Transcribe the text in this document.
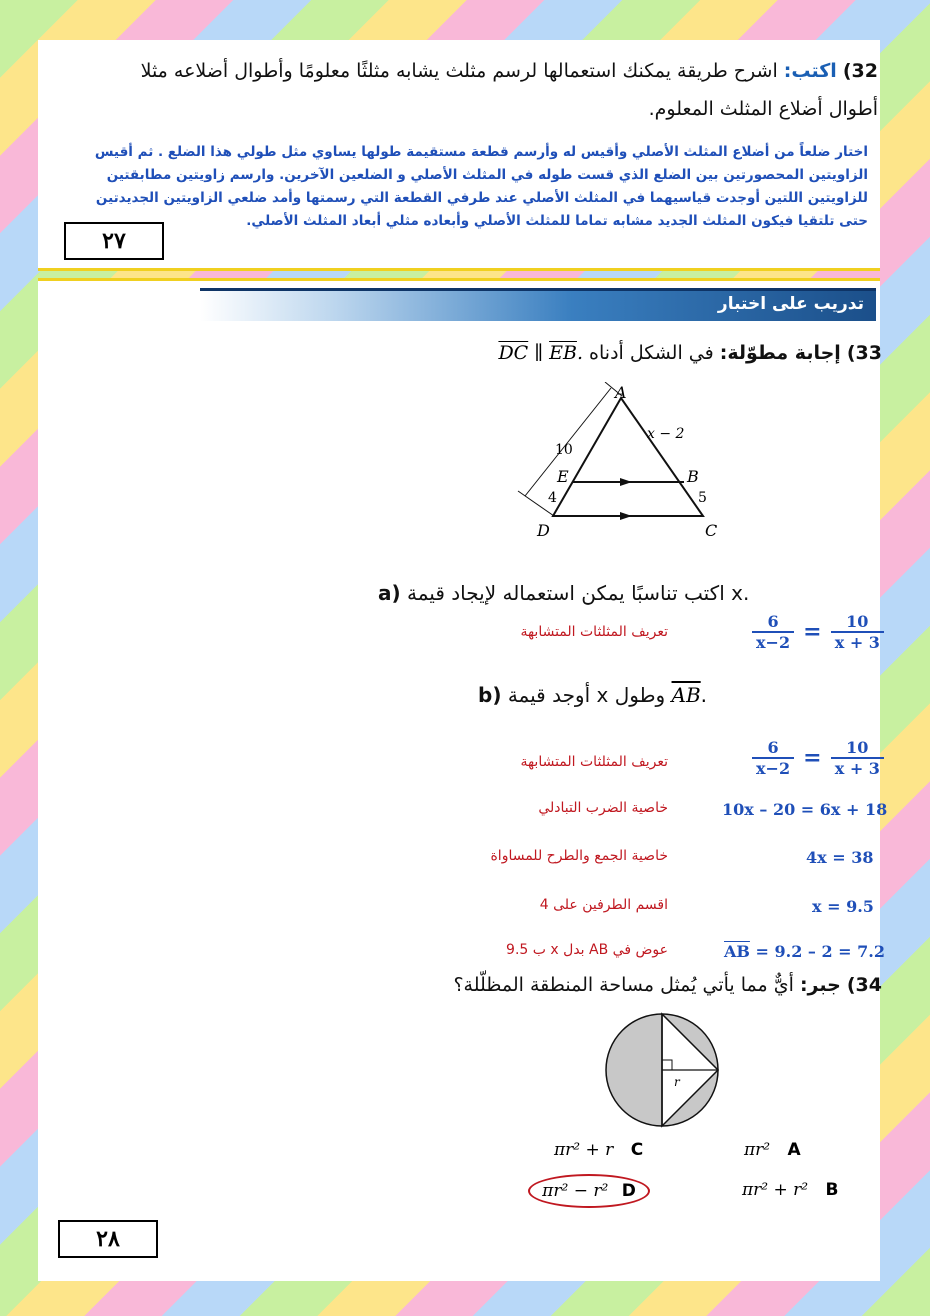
32) اكتب: اشرح طريقة يمكنك استعمالها لرسم مثلث يشابه مثلثًا معلومًا وأطوال أضلاعه مثلا
أطوال أضلاع المثلث المعلوم.
اختار ضلعاً من أضلاع المثلث الأصلي وأقيس له وأرسم قطعة مستقيمة طولها يساوي مثل طولي هذا الضلع . ثم أقيس الزاويتين المحصورتين بين الضلع الذي قست طوله في المثلث الأصلي و الضلعين الآخرين. وارسم زاويتين مطابقتين للزاويتين اللتين أوجدت قياسيهما في المثلث الأصلي عند طرفي القطعة التي رسمتها وأمد ضلعي الزاويتين الجديدتين حتى تلتقيا فيكون المثلث الجديد مشابه تماما للمثلث الأصلي وأبعاده مثلي أبعاد المثلث الأصلي.
٢٧
تدريب على اختبار
33) إجابة مطوّلة: في الشكل أدناه $\overline{DC}$ ∥ $\overline{EB}$.
A
B
C
D
E
10
4
x − 2
5
a) اكتب تناسبًا يمكن استعماله لإيجاد قيمة x.
$\frac{6}{x-2} = \frac{10}{x + 3}$
تعريف المثلثات المتشابهة
b) أوجد قيمة x وطول AB.
$\frac{6}{x-2} = \frac{10}{x + 3}$
تعريف المثلثات المتشابهة
10x – 20 = 6x + 18
خاصية الضرب التبادلي
4x = 38
خاصية الجمع والطرح للمساواة
x = 9.5
اقسم الطرفين على 4
$\overline{AB} = 9.2 - 2 = 7.2$
عوض في AB بدل x ب 9.5
34) جبر: أيٌّ مما يأتي يُمثل مساحة المنطقة المظلّلة؟
r
πr² A
πr² + r C
πr² + r² B
πr² − r² D
٢٨
